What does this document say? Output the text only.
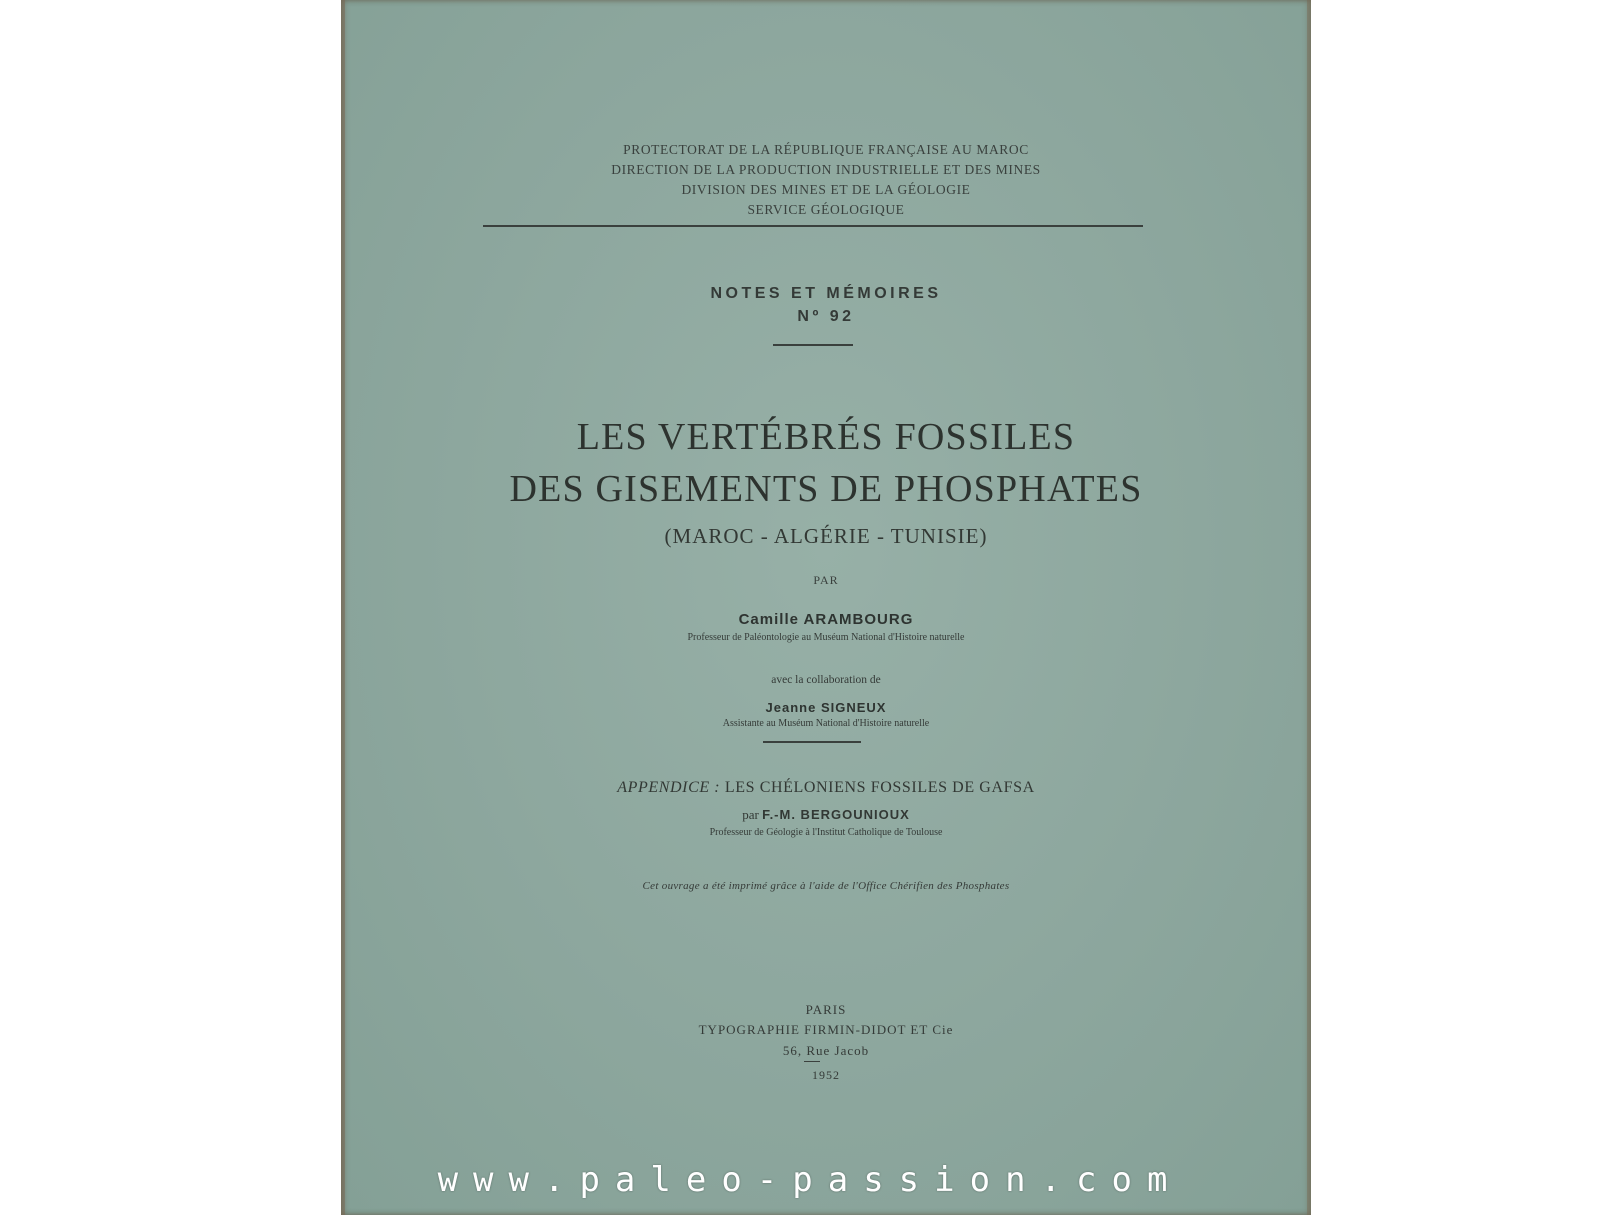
PROTECTORAT DE LA RÉPUBLIQUE FRANÇAISE AU MAROC
DIRECTION DE LA PRODUCTION INDUSTRIELLE ET DES MINES
DIVISION DES MINES ET DE LA GÉOLOGIE
SERVICE GÉOLOGIQUE
NOTES ET MÉMOIRES
Nº 92
LES VERTÉBRÉS FOSSILES
DES GISEMENTS DE PHOSPHATES
(MAROC - ALGÉRIE - TUNISIE)
PAR
Camille ARAMBOURG
Professeur de Paléontologie au Muséum National d'Histoire naturelle
avec la collaboration de
Jeanne SIGNEUX
Assistante au Muséum National d'Histoire naturelle
APPENDICE : LES CHÉLONIENS FOSSILES DE GAFSA
par F.-M. BERGOUNIOUX
Professeur de Géologie à l'Institut Catholique de Toulouse
Cet ouvrage a été imprimé grâce à l'aide de l'Office Chérifien des Phosphates
PARIS
TYPOGRAPHIE FIRMIN-DIDOT ET Cie
56, Rue Jacob
1952
www.paleo-passion.com
